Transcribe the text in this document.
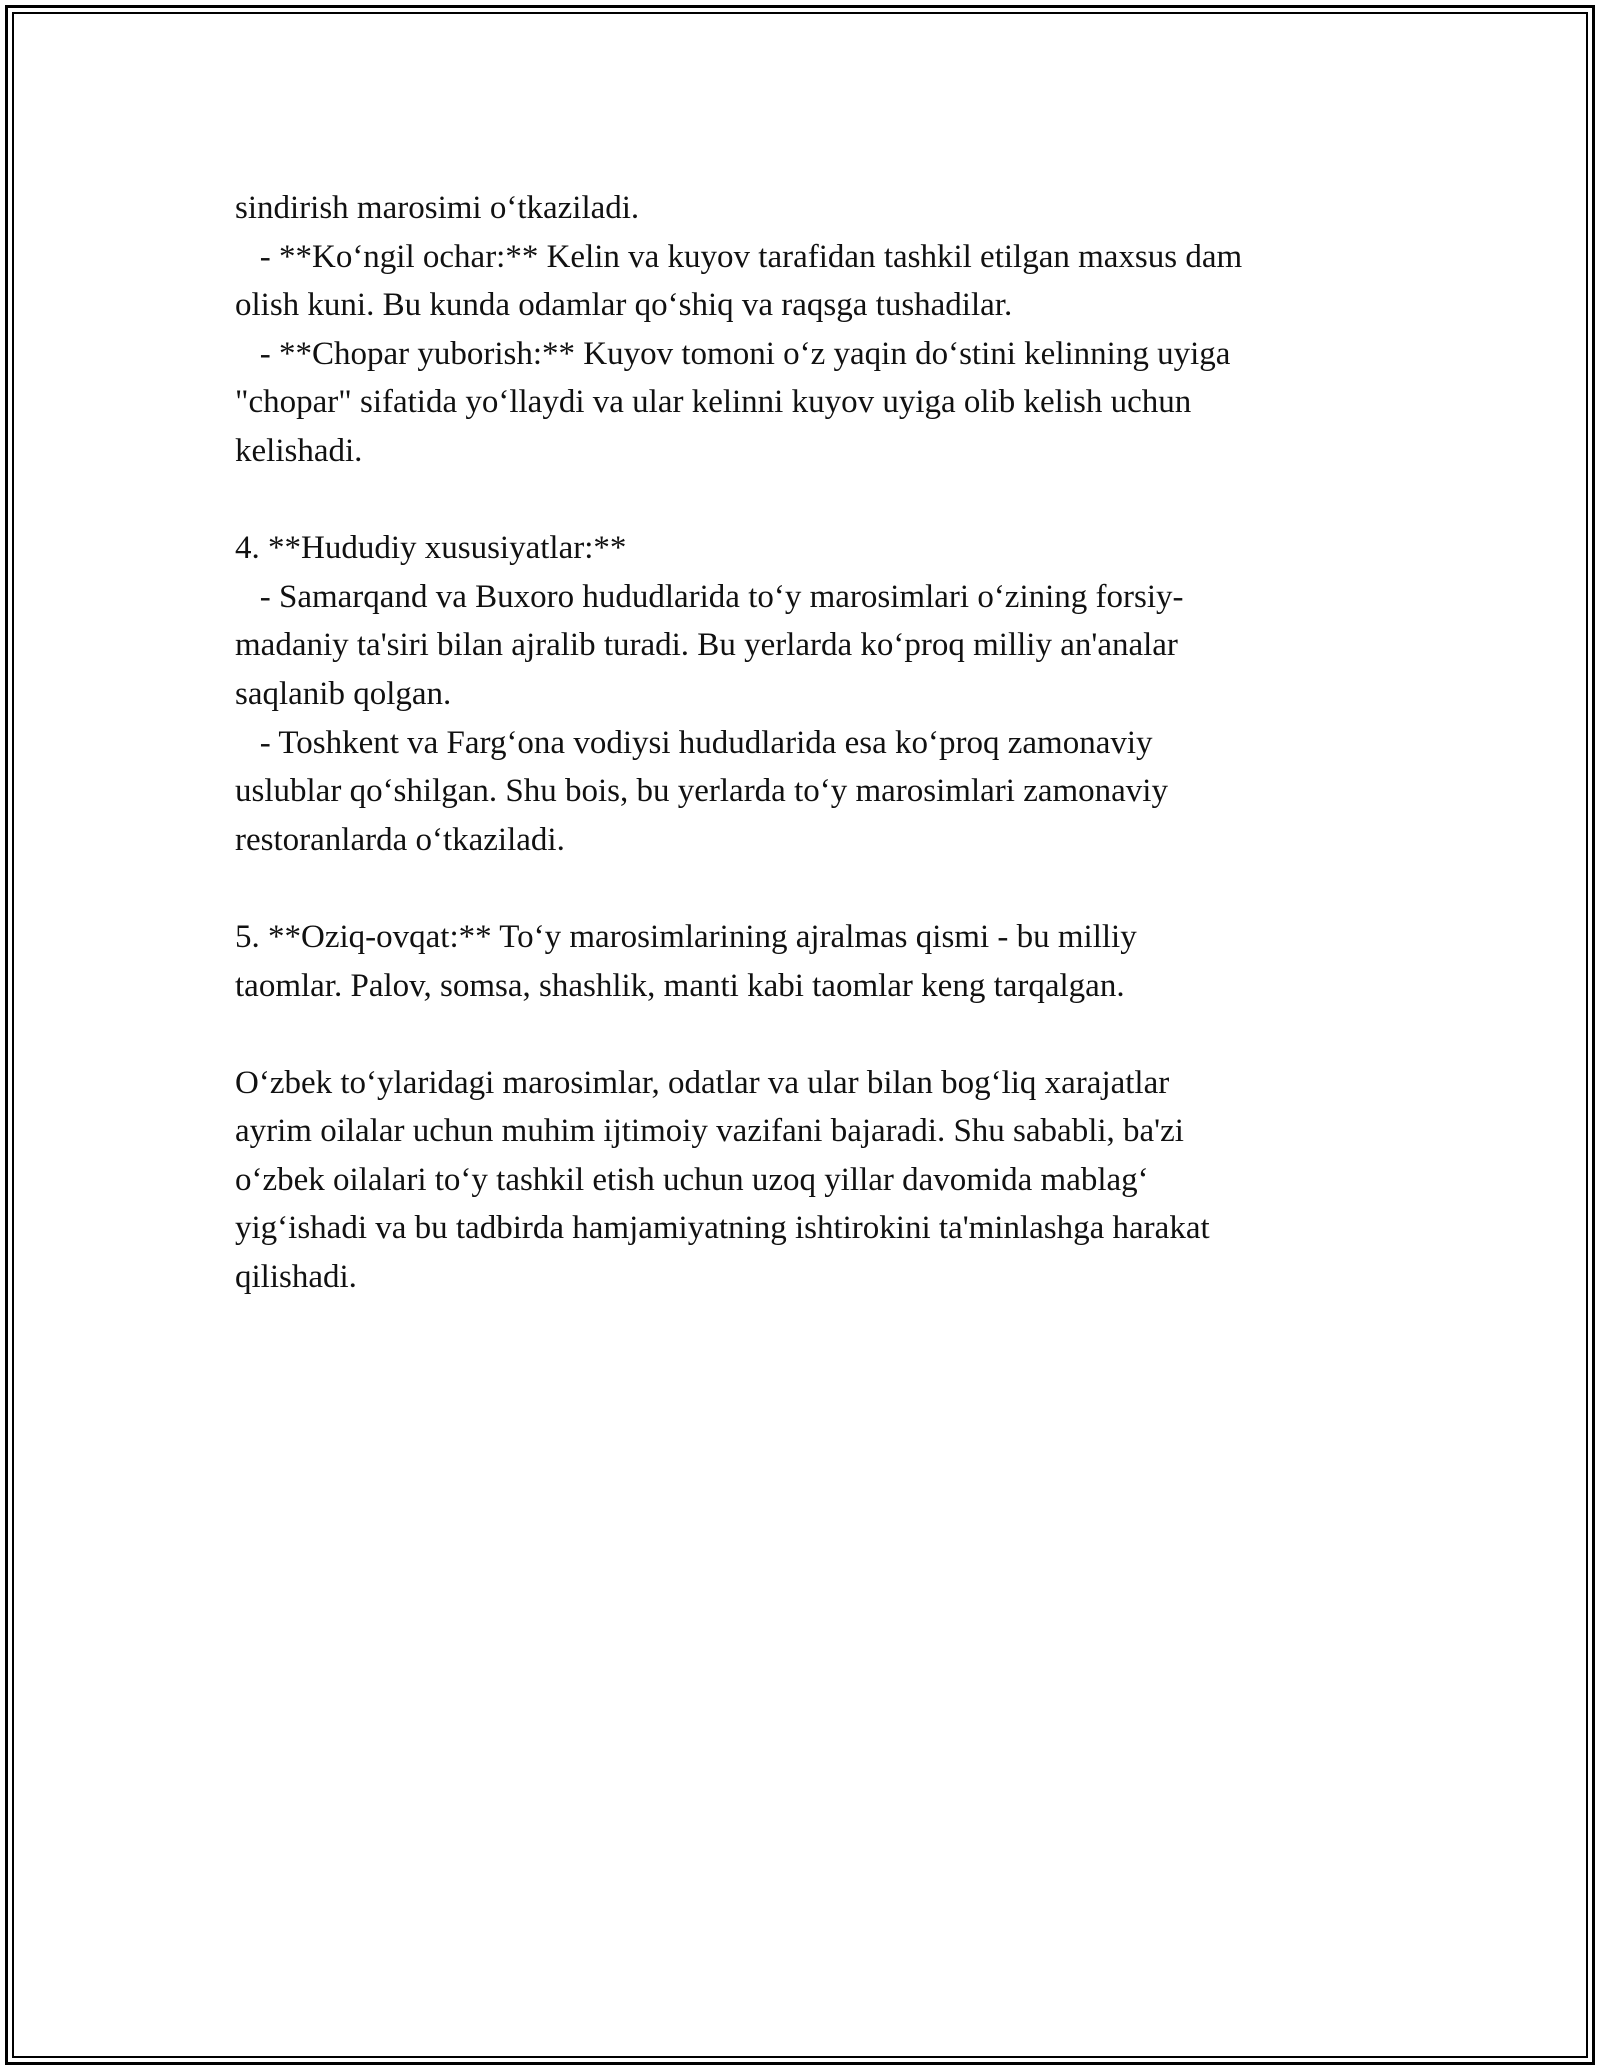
sindirish marosimi o‘tkaziladi.
- **Ko‘ngil ochar:** Kelin va kuyov tarafidan tashkil etilgan maxsus dam
olish kuni. Bu kunda odamlar qo‘shiq va raqsga tushadilar.
- **Chopar yuborish:** Kuyov tomoni o‘z yaqin do‘stini kelinning uyiga
"chopar" sifatida yo‘llaydi va ular kelinni kuyov uyiga olib kelish uchun
kelishadi.
4. **Hududiy xususiyatlar:**
- Samarqand va Buxoro hududlarida to‘y marosimlari o‘zining forsiy-
madaniy ta'siri bilan ajralib turadi. Bu yerlarda ko‘proq milliy an'analar
saqlanib qolgan.
- Toshkent va Farg‘ona vodiysi hududlarida esa ko‘proq zamonaviy
uslublar qo‘shilgan. Shu bois, bu yerlarda to‘y marosimlari zamonaviy
restoranlarda o‘tkaziladi.
5. **Oziq-ovqat:** To‘y marosimlarining ajralmas qismi - bu milliy
taomlar. Palov, somsa, shashlik, manti kabi taomlar keng tarqalgan.
O‘zbek to‘ylaridagi marosimlar, odatlar va ular bilan bog‘liq xarajatlar
ayrim oilalar uchun muhim ijtimoiy vazifani bajaradi. Shu sababli, ba'zi
o‘zbek oilalari to‘y tashkil etish uchun uzoq yillar davomida mablag‘
yig‘ishadi va bu tadbirda hamjamiyatning ishtirokini ta'minlashga harakat
qilishadi.
